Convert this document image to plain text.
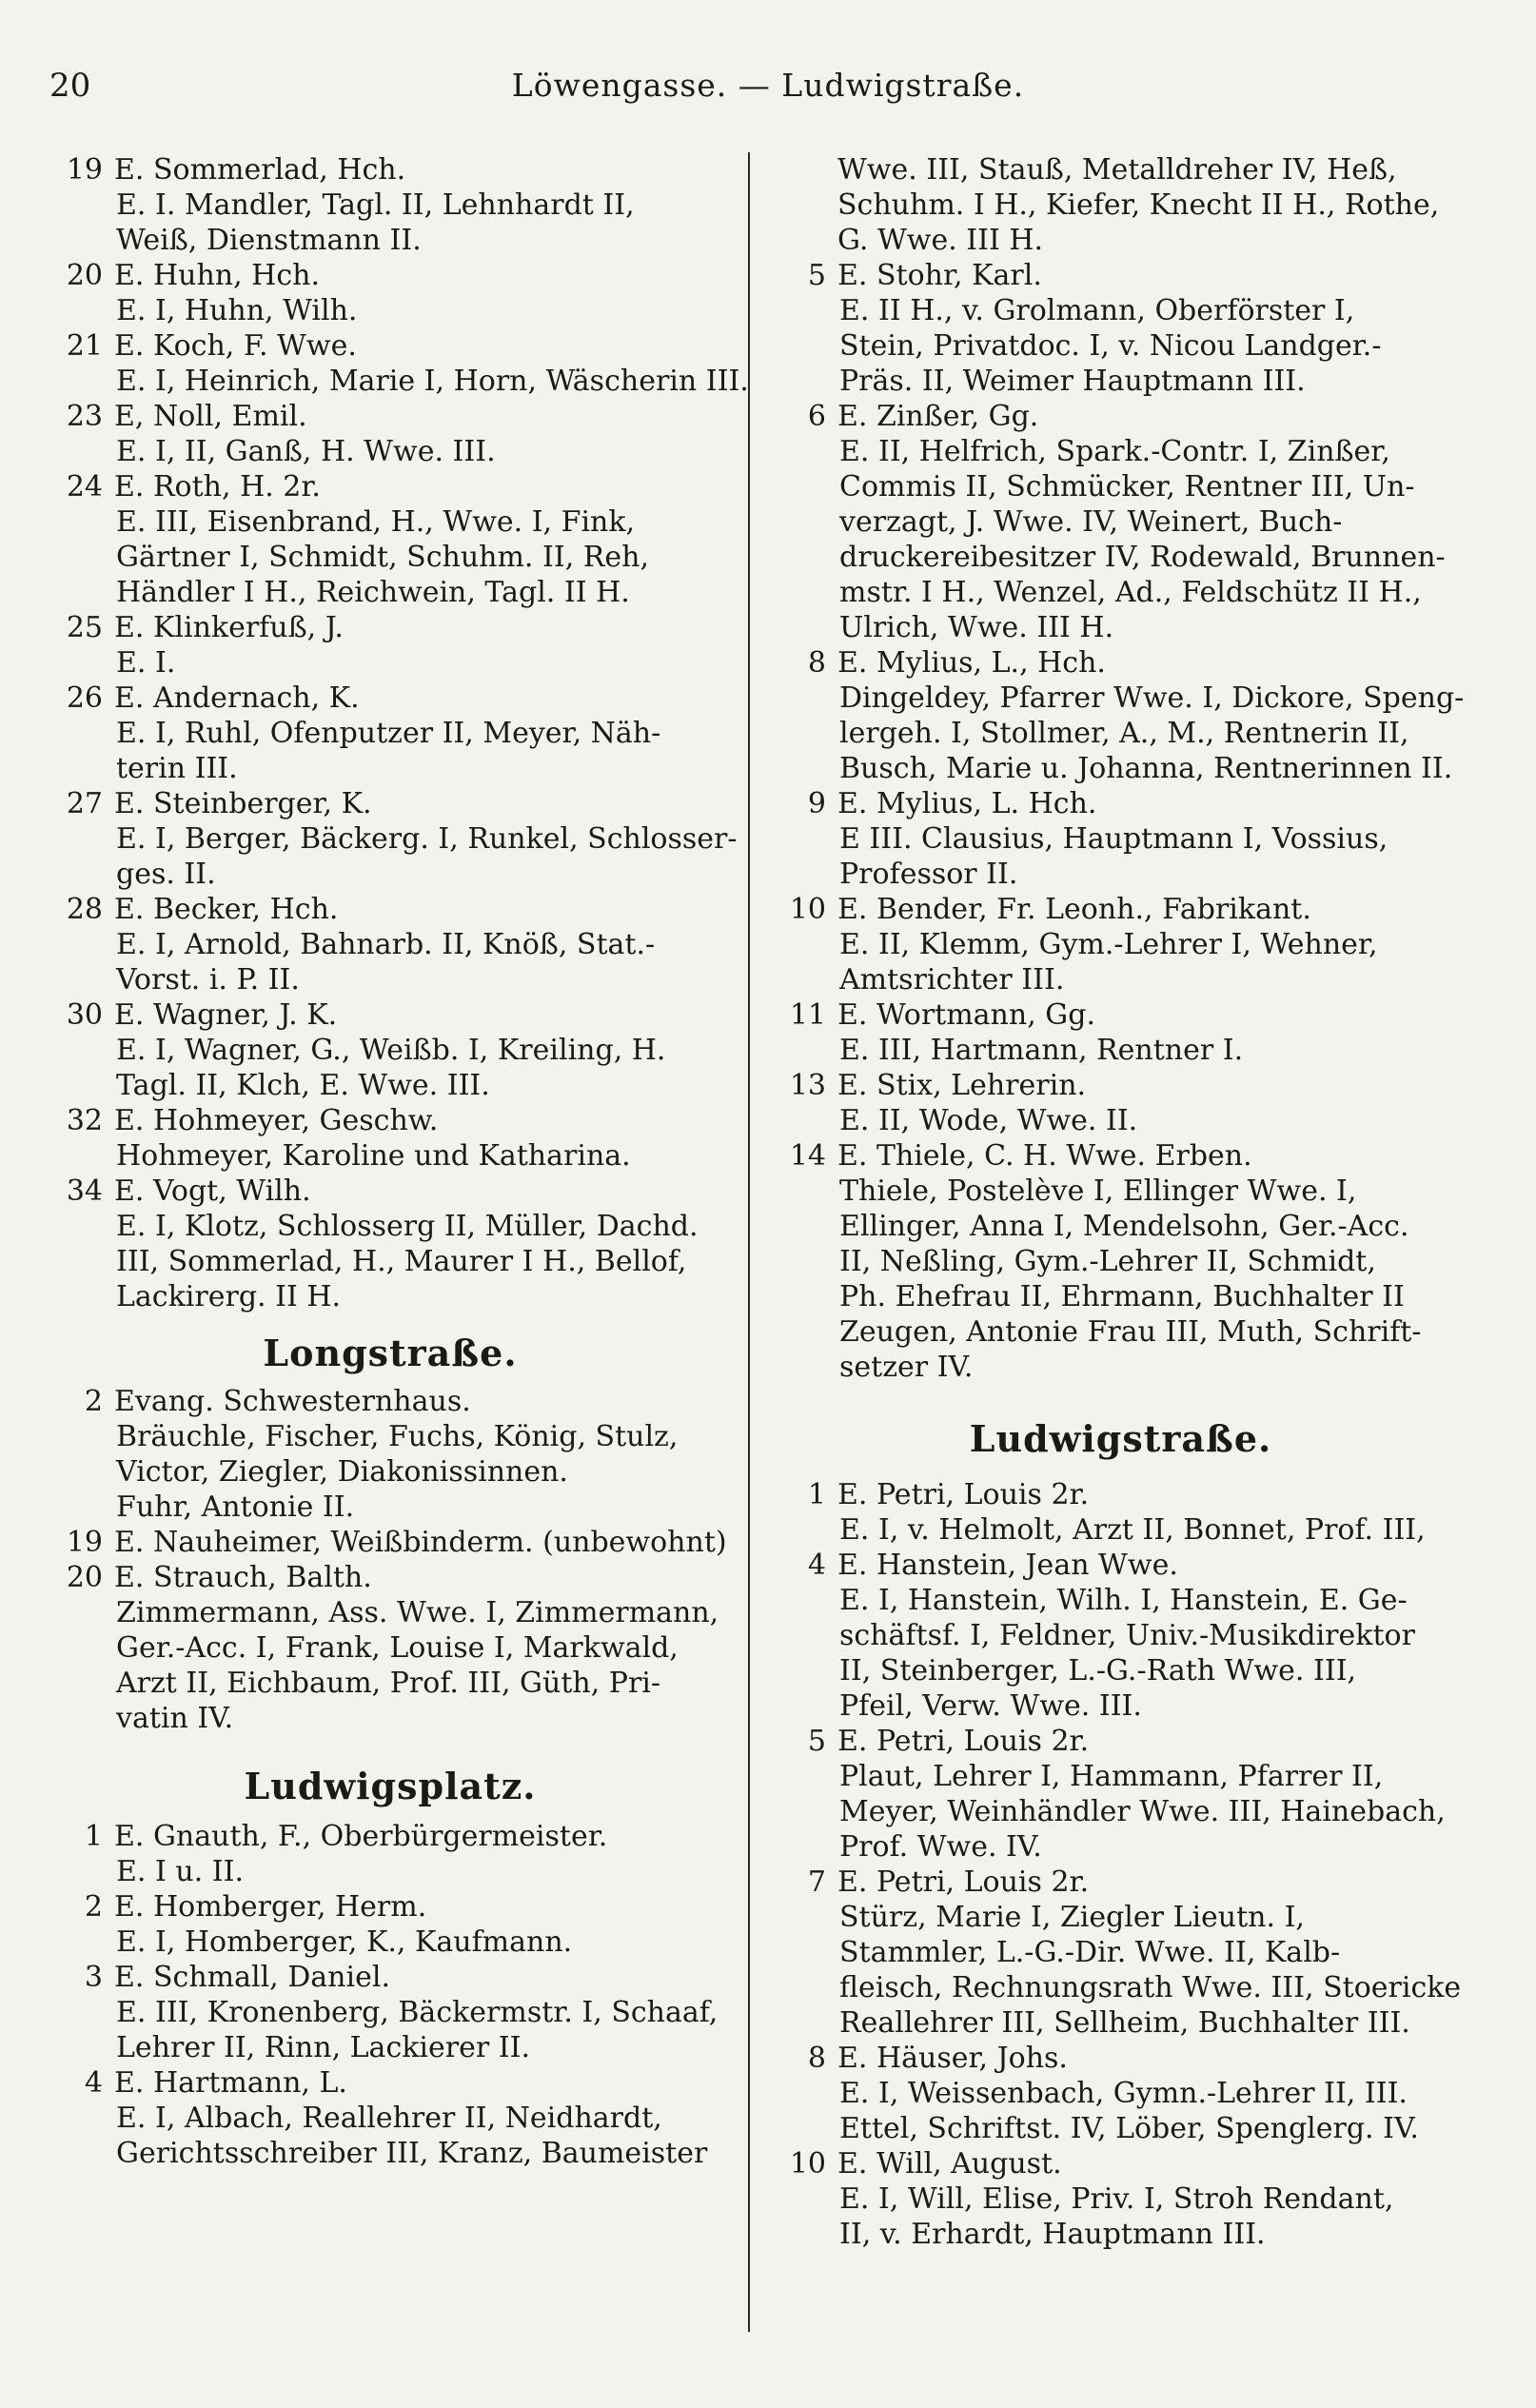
20	Löwengasse. — Ludwigstraße.
19 E. Sommerlad, Hch.
E. I. Mandler, Tagl. II, Lehnhardt II,
Weiß, Dienstmann II.
20 E. Huhn, Hch.
E. I, Huhn, Wilh.
21 E. Koch, F. Wwe.
E. I, Heinrich, Marie I, Horn, Wäscherin III.
23 E, Noll, Emil.
E. I, II, Ganß, H. Wwe. III.
24 E. Roth, H. 2r.
E. III, Eisenbrand, H., Wwe. I, Fink,
Gärtner I, Schmidt, Schuhm. II, Reh,
Händler I H., Reichwein, Tagl. II H.
25 E. Klinkerfuß, J.
E. I.
26 E. Andernach, K.
E. I, Ruhl, Ofenputzer II, Meyer, Näh-
terin III.
27 E. Steinberger, K.
E. I, Berger, Bäckerg. I, Runkel, Schlosser-
ges. II.
28 E. Becker, Hch.
E. I, Arnold, Bahnarb. II, Knöß, Stat.-
Vorst. i. P. II.
30 E. Wagner, J. K.
E. I, Wagner, G., Weißb. I, Kreiling, H.
Tagl. II, Klch, E. Wwe. III.
32 E. Hohmeyer, Geschw.
Hohmeyer, Karoline und Katharina.
34 E. Vogt, Wilh.
E. I, Klotz, Schlosserg II, Müller, Dachd.
III, Sommerlad, H., Maurer I H., Bellof,
Lackirerg. II H.
Longstraße.
2 Evang. Schwesternhaus.
Bräuchle, Fischer, Fuchs, König, Stulz,
Victor, Ziegler, Diakonissinnen.
Fuhr, Antonie II.
19 E. Nauheimer, Weißbinderm. (unbewohnt)
20 E. Strauch, Balth.
Zimmermann, Ass. Wwe. I, Zimmermann,
Ger.-Acc. I, Frank, Louise I, Markwald,
Arzt II, Eichbaum, Prof. III, Güth, Pri-
vatin IV.
Ludwigsplatz.
1 E. Gnauth, F., Oberbürgermeister.
E. I u. II.
2 E. Homberger, Herm.
E. I, Homberger, K., Kaufmann.
3 E. Schmall, Daniel.
E. III, Kronenberg, Bäckermstr. I, Schaaf,
Lehrer II, Rinn, Lackierer II.
4 E. Hartmann, L.
E. I, Albach, Reallehrer II, Neidhardt,
Gerichtsschreiber III, Kranz, Baumeister
Wwe. III, Stauß, Metalldreher IV, Heß,
Schuhm. I H., Kiefer, Knecht II H., Rothe,
G. Wwe. III H.
5 E. Stohr, Karl.
E. II H., v. Grolmann, Oberförster I,
Stein, Privatdoc. I, v. Nicou Landger.-
Präs. II, Weimer Hauptmann III.
6 E. Zinßer, Gg.
E. II, Helfrich, Spark.-Contr. I, Zinßer,
Commis II, Schmücker, Rentner III, Un-
verzagt, J. Wwe. IV, Weinert, Buch-
druckereibesitzer IV, Rodewald, Brunnen-
mstr. I H., Wenzel, Ad., Feldschütz II H.,
Ulrich, Wwe. III H.
8 E. Mylius, L., Hch.
Dingeldey, Pfarrer Wwe. I, Dickore, Speng-
lergeh. I, Stollmer, A., M., Rentnerin II,
Busch, Marie u. Johanna, Rentnerinnen II.
9 E. Mylius, L. Hch.
E III. Clausius, Hauptmann I, Vossius,
Professor II.
10 E. Bender, Fr. Leonh., Fabrikant.
E. II, Klemm, Gym.-Lehrer I, Wehner,
Amtsrichter III.
11 E. Wortmann, Gg.
E. III, Hartmann, Rentner I.
13 E. Stix, Lehrerin.
E. II, Wode, Wwe. II.
14 E. Thiele, C. H. Wwe. Erben.
Thiele, Postelève I, Ellinger Wwe. I,
Ellinger, Anna I, Mendelsohn, Ger.-Acc.
II, Neßling, Gym.-Lehrer II, Schmidt,
Ph. Ehefrau II, Ehrmann, Buchhalter II
Zeugen, Antonie Frau III, Muth, Schrift-
setzer IV.
Ludwigstraße.
1 E. Petri, Louis 2r.
E. I, v. Helmolt, Arzt II, Bonnet, Prof. III,
4 E. Hanstein, Jean Wwe.
E. I, Hanstein, Wilh. I, Hanstein, E. Ge-
schäftsf. I, Feldner, Univ.-Musikdirektor
II, Steinberger, L.-G.-Rath Wwe. III,
Pfeil, Verw. Wwe. III.
5 E. Petri, Louis 2r.
Plaut, Lehrer I, Hammann, Pfarrer II,
Meyer, Weinhändler Wwe. III, Hainebach,
Prof. Wwe. IV.
7 E. Petri, Louis 2r.
Stürz, Marie I, Ziegler Lieutn. I,
Stammler, L.-G.-Dir. Wwe. II, Kalb-
fleisch, Rechnungsrath Wwe. III, Stoericke
Reallehrer III, Sellheim, Buchhalter III.
8 E. Häuser, Johs.
E. I, Weissenbach, Gymn.-Lehrer II, III.
Ettel, Schriftst. IV, Löber, Spenglerg. IV.
10 E. Will, August.
E. I, Will, Elise, Priv. I, Stroh Rendant,
II, v. Erhardt, Hauptmann III.
